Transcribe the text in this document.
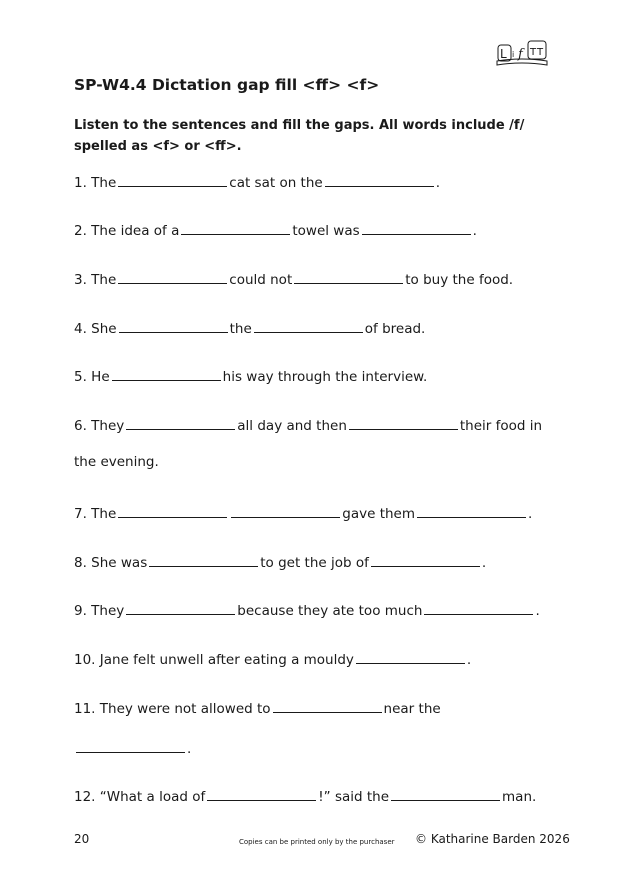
L i f T T
SP-W4.4 Dictation gap fill <ff> <f>
Listen to the sentences and fill the gaps. All words include /f/ spelled as <f> or <ff>.
1. The	cat sat on the	.
2. The idea of a	towel was	.
3. The	could not	to buy the food.
4. She	the	of bread.
5. He	his way through the interview.
6. They	all day and then	their food in
the evening.
7. The	gave them	.
8. She was	to get the job of	.
9. They	because they ate too much	.
10. Jane felt unwell after eating a mouldy	.
11. They were not allowed to	near the
.
12. “What a load of	!” said the	man.
20	Copies can be printed only by the purchaser © Katharine Barden 2026
